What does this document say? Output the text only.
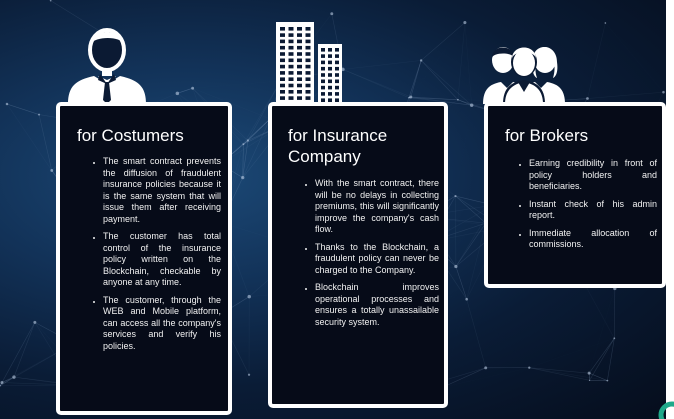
for Costumers
• The smart contract prevents the diffusion of fraudulent insurance policies because it is the same system that will issue them after receiving payment.
• The customer has total control of the insurance policy written on the Blockchain, checkable by anyone at any time.
• The customer, through the WEB and Mobile platform, can access all the company's services and verify his policies.
for Insurance Company
• With the smart contract, there will be no delays in collecting premiums, this will significantly improve the company's cash flow.
• Thanks to the Blockchain, a fraudulent policy can never be charged to the Company.
• Blockchain improves operational processes and ensures a totally unassailable security system.
for Brokers
• Earning credibility in front of policy holders and beneficiaries.
• Instant check of his admin report.
• Immediate allocation of commissions.
